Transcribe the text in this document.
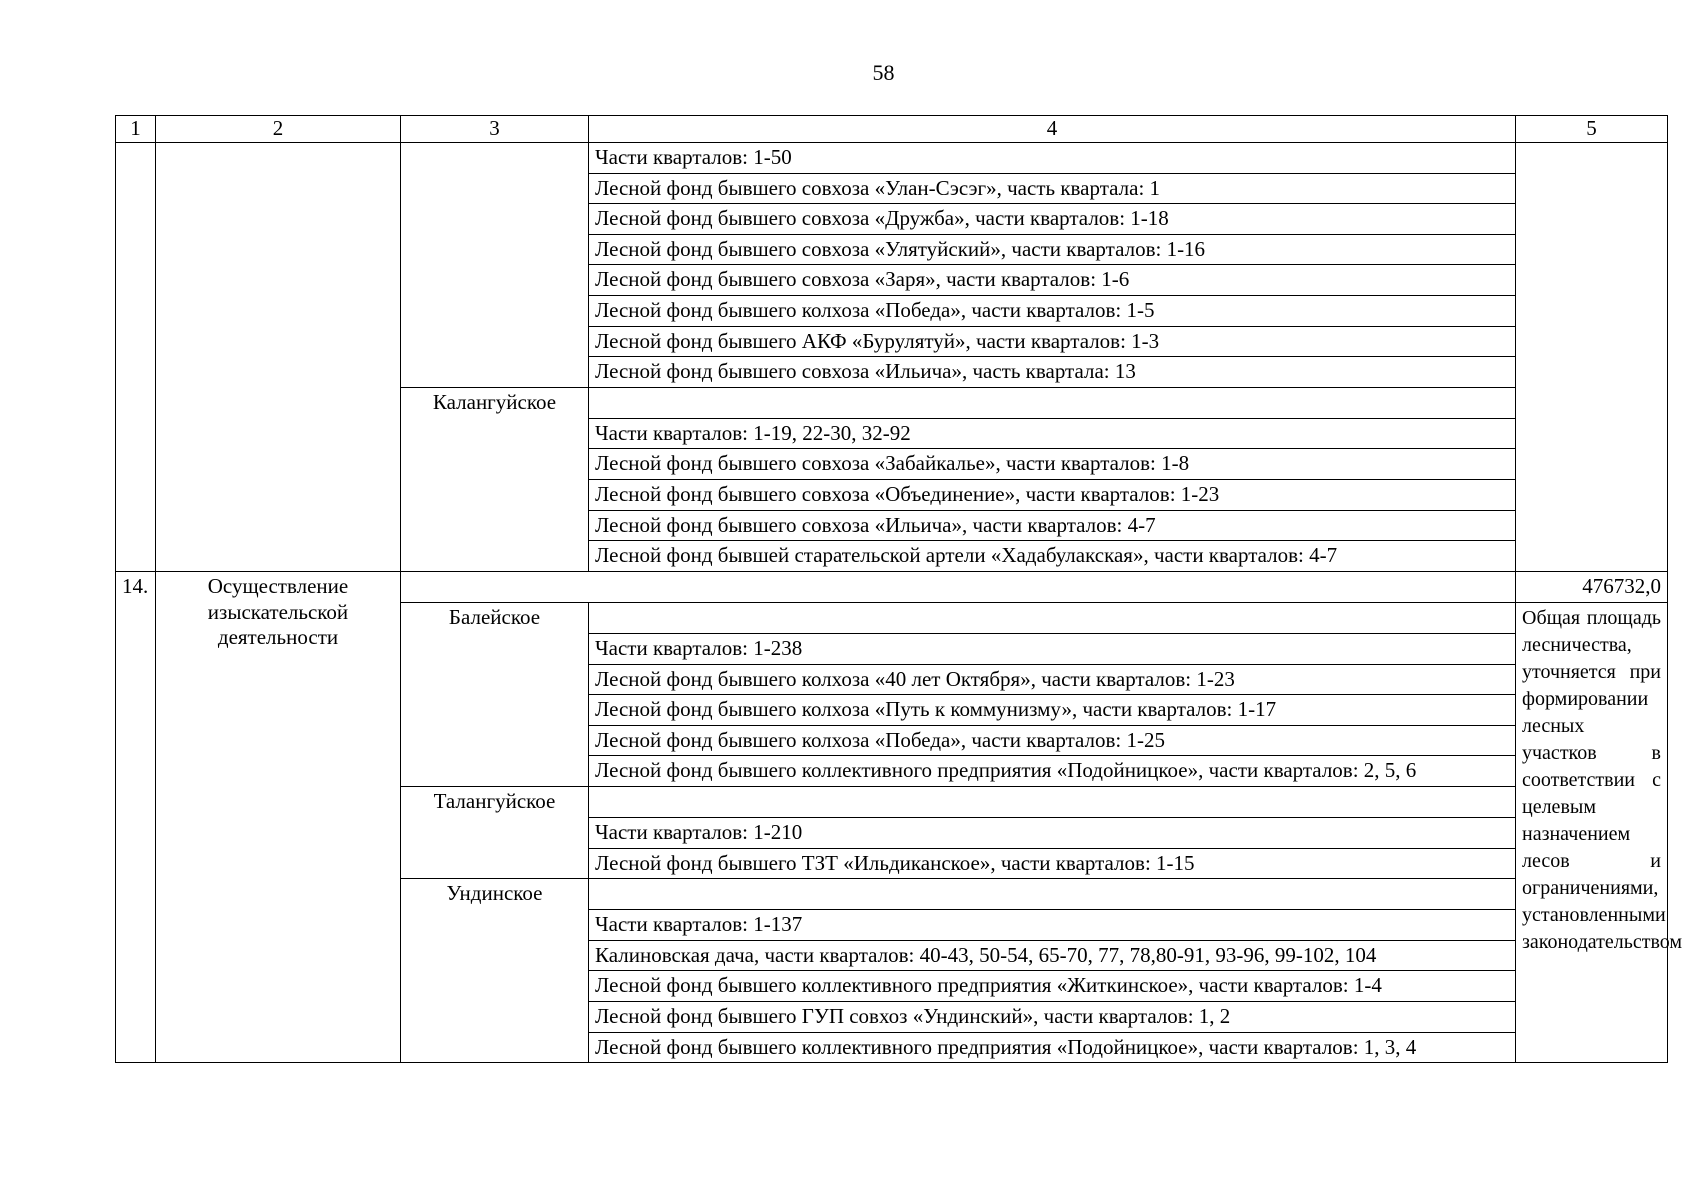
58
1	2	3	4	5
			Части кварталов: 1-50	
			Лесной фонд бывшего совхоза «Улан-Сэсэг», часть квартала: 1	
			Лесной фонд бывшего совхоза «Дружба», части кварталов: 1-18	
			Лесной фонд бывшего совхоза «Улятуйский», части кварталов: 1-16	
			Лесной фонд бывшего совхоза «Заря», части кварталов: 1-6	
			Лесной фонд бывшего колхоза «Победа», части кварталов: 1-5	
			Лесной фонд бывшего АКФ «Бурулятуй», части кварталов: 1-3	
			Лесной фонд бывшего совхоза «Ильича», часть квартала: 13	
		Калангуйское		
			Части кварталов: 1-19, 22-30, 32-92	
			Лесной фонд бывшего совхоза «Забайкалье», части кварталов: 1-8	
			Лесной фонд бывшего совхоза «Объединение», части кварталов: 1-23	
			Лесной фонд бывшего совхоза «Ильича», части кварталов: 4-7	
			Лесной фонд бывшей старательской артели «Хадабулакская», части кварталов: 4-7	
14.	Осуществление изыскательской деятельности			476732,0
		Балейское		Общая площадь лесничества, уточняется при формировании лесных участков в соответствии с целевым назначением лесов и ограничениями, установленными законодательством
			Части кварталов: 1-238	
			Лесной фонд бывшего колхоза «40 лет Октября», части кварталов: 1-23	
			Лесной фонд бывшего колхоза «Путь к коммунизму», части кварталов: 1-17	
			Лесной фонд бывшего колхоза «Победа», части кварталов: 1-25	
			Лесной фонд бывшего коллективного предприятия «Подойницкое», части кварталов: 2, 5, 6	
		Талангуйское		
			Части кварталов: 1-210	
			Лесной фонд бывшего ТЗТ «Ильдиканское», части кварталов: 1-15	
		Ундинское		
			Части кварталов: 1-137	
			Калиновская дача, части кварталов: 40-43, 50-54, 65-70, 77, 78,80-91, 93-96, 99-102, 104	
			Лесной фонд бывшего коллективного предприятия «Житкинское», части кварталов: 1-4	
			Лесной фонд бывшего ГУП совхоз «Ундинский», части кварталов: 1, 2	
			Лесной фонд бывшего коллективного предприятия «Подойницкое», части кварталов: 1, 3, 4	
